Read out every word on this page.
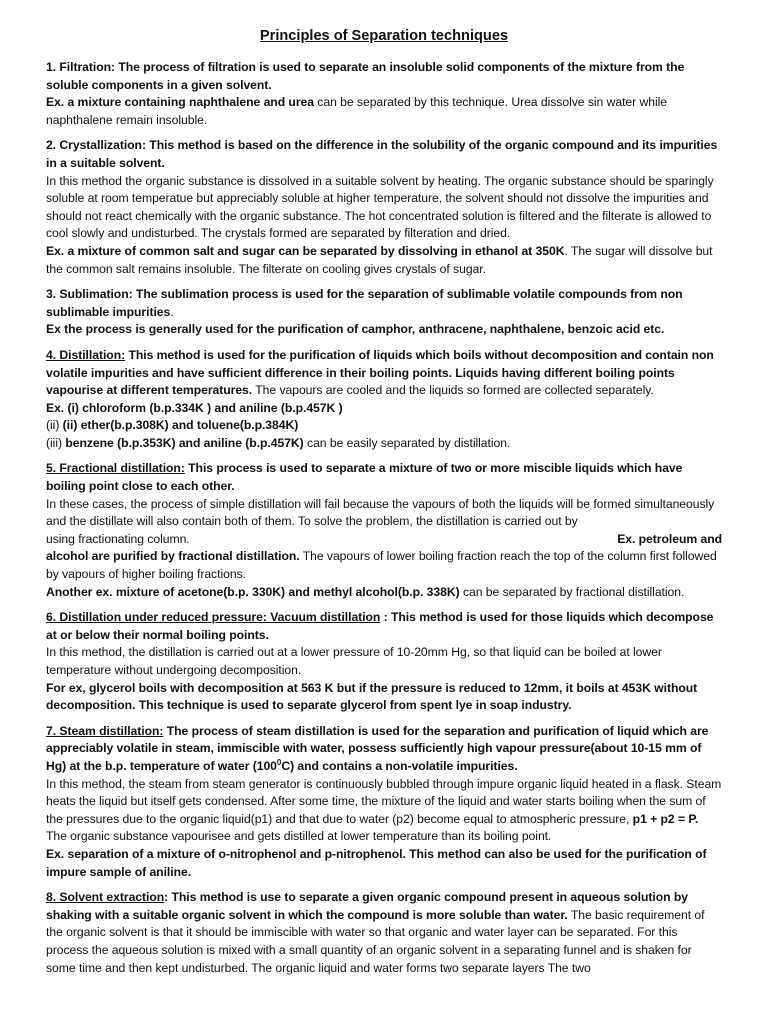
Principles of Separation techniques

1. Filtration: The process of filtration is used to separate an insoluble solid components of the mixture from the soluble components in a given solvent.

Ex. a mixture containing naphthalene and urea can be separated by this technique. Urea dissolve sin water while naphthalene remain insoluble.

2. Crystallization: This method is based on the difference in the solubility of the organic compound and its impurities in a suitable solvent.

In this method the organic substance is dissolved in a suitable solvent by heating. The organic substance should be sparingly soluble at room temperatue but appreciably soluble at higher temperature, the solvent should not dissolve the impurities and should not react chemically with the organic substance. The hot concentrated solution is filtered and the filterate is allowed to cool slowly and undisturbed. The crystals formed are separated by filteration and dried.

Ex. a mixture of common salt and sugar can be separated by dissolving in ethanol at 350K. The sugar will dissolve but the common salt remains insoluble. The filterate on cooling gives crystals of sugar.

3. Sublimation: The sublimation process is used for the separation of sublimable volatile compounds from non sublimable impurities.

Ex the process is generally used for the purification of camphor, anthracene, naphthalene, benzoic acid etc.

4. Distillation: This method is used for the purification of liquids which boils without decomposition and contain non volatile impurities and have sufficient difference in their boiling points. Liquids having different boiling points vapourise at different temperatures. The vapours are cooled and the liquids so formed are collected separately.

Ex. (i) chloroform (b.p.334K ) and aniline (b.p.457K )

(ii) (ii) ether(b.p.308K) and toluene(b.p.384K)

(iii) benzene (b.p.353K) and aniline (b.p.457K) can be easily separated by distillation.

5. Fractional distillation: This process is used to separate a mixture of two or more miscible liquids which have boiling point close to each other.

In these cases, the process of simple distillation will fail because the vapours of both the liquids will be formed simultaneously and the distillate will also contain both of them. To solve the problem, the distillation is carried out by

using fractionating column.	Ex. petroleum and

alcohol are purified by fractional distillation. The vapours of lower boiling fraction reach the top of the column first followed by vapours of higher boiling fractions.

Another ex. mixture of acetone(b.p. 330K) and methyl alcohol(b.p. 338K) can be separated by fractional distillation.

6. Distillation under reduced pressure: Vacuum distillation : This method is used for those liquids which decompose at or below their normal boiling points.

In this method, the distillation is carried out at a lower pressure of 10-20mm Hg, so that liquid can be boiled at lower temperature without undergoing decomposition.

For ex, glycerol boils with decomposition at 563 K but if the pressure is reduced to 12mm, it boils at 453K without decomposition. This technique is used to separate glycerol from spent lye in soap industry.

7. Steam distillation: The process of steam distillation is used for the separation and purification of liquid which are appreciably volatile in steam, immiscible with water, possess sufficiently high vapour pressure(about 10-15 mm of Hg) at the b.p. temperature of water $(100^0C)$ and contains a non-volatile impurities.

In this method, the steam from steam generator is continuously bubbled through impure organic liquid heated in a flask. Steam heats the liquid but itself gets condensed. After some time, the mixture of the liquid and water starts boiling when the sum of the pressures due to the organic liquid(p1) and that due to water (p2) become equal to atmospheric pressure, p1 + p2 = P. The organic substance vapourisee and gets distilled at lower temperature than its boiling point.

Ex. separation of a mixture of o-nitrophenol and p-nitrophenol. This method can also be used for the purification of impure sample of aniline.

8. Solvent extraction: This method is use to separate a given organic compound present in aqueous solution by shaking with a suitable organic solvent in which the compound is more soluble than water. The basic requirement of the organic solvent is that it should be immiscible with water so that organic and water layer can be separated. For this process the aqueous solution is mixed with a small quantity of an organic solvent in a separating funnel and is shaken for some time and then kept undisturbed. The organic liquid and water forms two separate layers The two
